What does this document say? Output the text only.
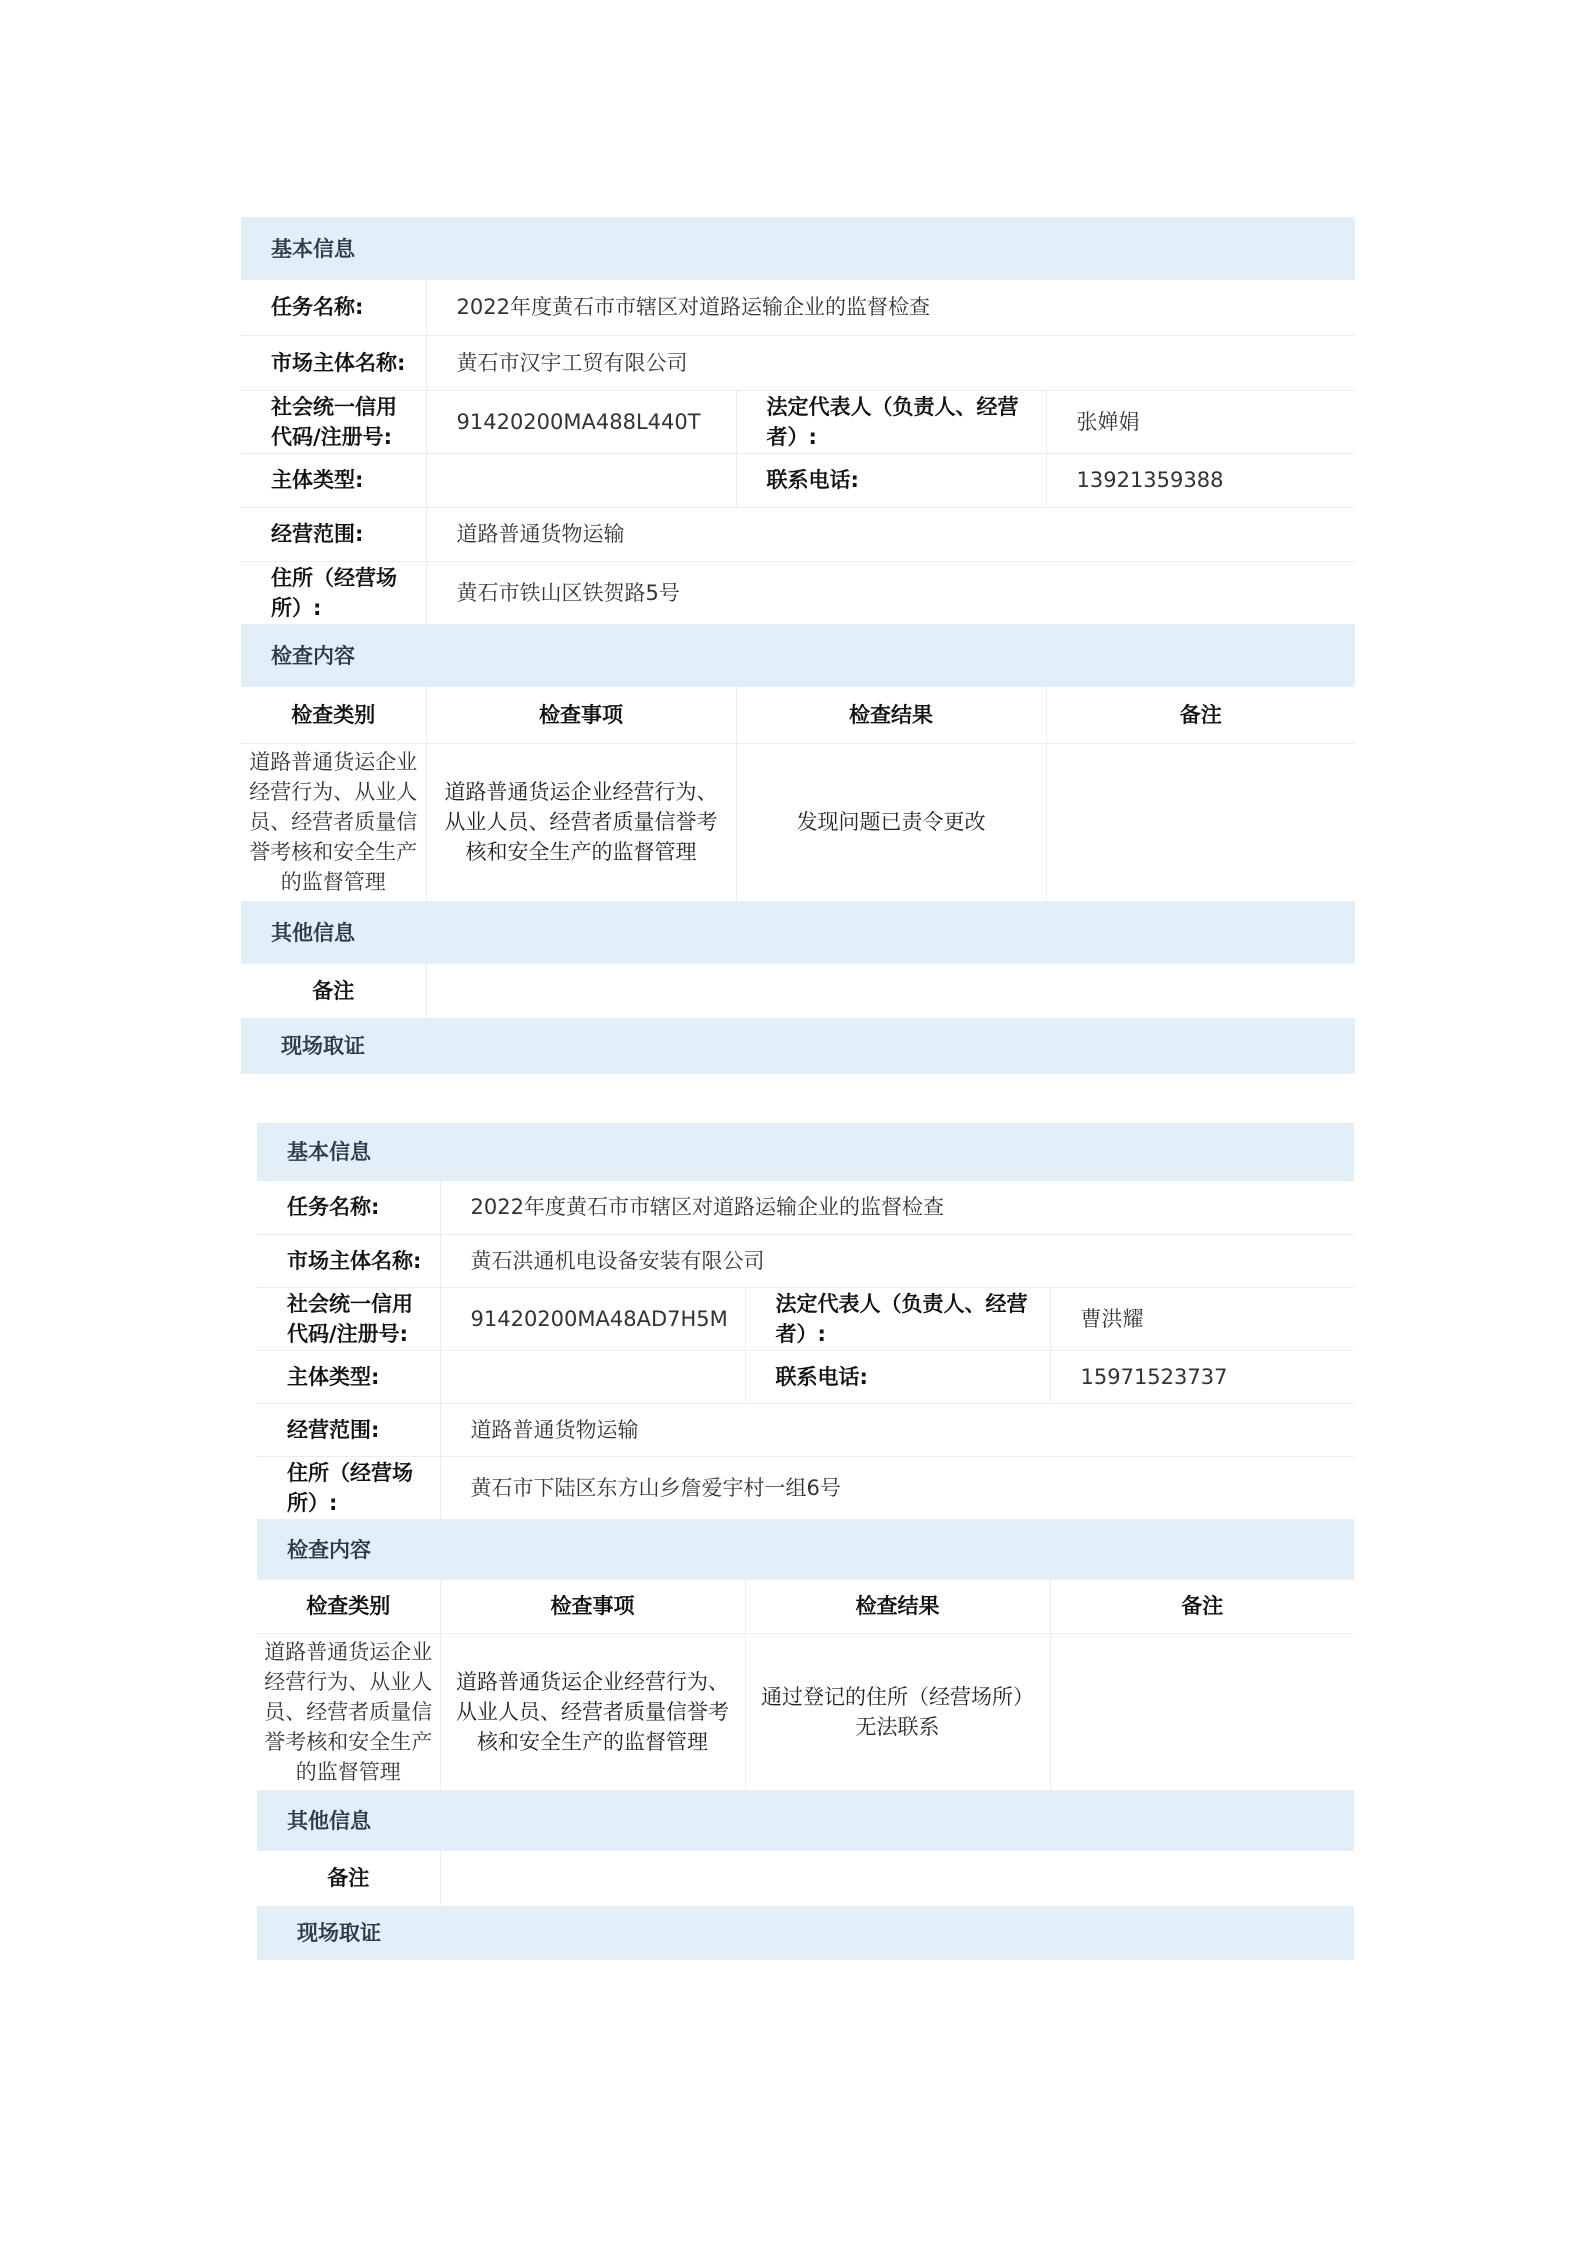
基本信息			
任务名称:	2022年度黄石市市辖区对道路运输企业的监督检查		
市场主体名称:	黄石市汉宇工贸有限公司		
社会统一信用代码/注册号:	91420200MA488L440T	法定代表人（负责人、经营者）:	张婵娟
主体类型:		联系电话:	13921359388
经营范围:	道路普通货物运输		
住所（经营场所）:	黄石市铁山区铁贺路5号		
检查内容			
检查类别	检查事项	检查结果	备注
道路普通货运企业经营行为、从业人员、经营者质量信誉考核和安全生产的监督管理	道路普通货运企业经营行为、从业人员、经营者质量信誉考核和安全生产的监督管理	发现问题已责令更改	
其他信息			
备注			
现场取证			
基本信息			
任务名称:	2022年度黄石市市辖区对道路运输企业的监督检查		
市场主体名称:	黄石洪通机电设备安装有限公司		
社会统一信用代码/注册号:	91420200MA48AD7H5M	法定代表人（负责人、经营者）:	曹洪耀
主体类型:		联系电话:	15971523737
经营范围:	道路普通货物运输		
住所（经营场所）:	黄石市下陆区东方山乡詹爱宇村一组6号		
检查内容			
检查类别	检查事项	检查结果	备注
道路普通货运企业经营行为、从业人员、经营者质量信誉考核和安全生产的监督管理	道路普通货运企业经营行为、从业人员、经营者质量信誉考核和安全生产的监督管理	通过登记的住所（经营场所）无法联系	
其他信息			
备注			
现场取证			
